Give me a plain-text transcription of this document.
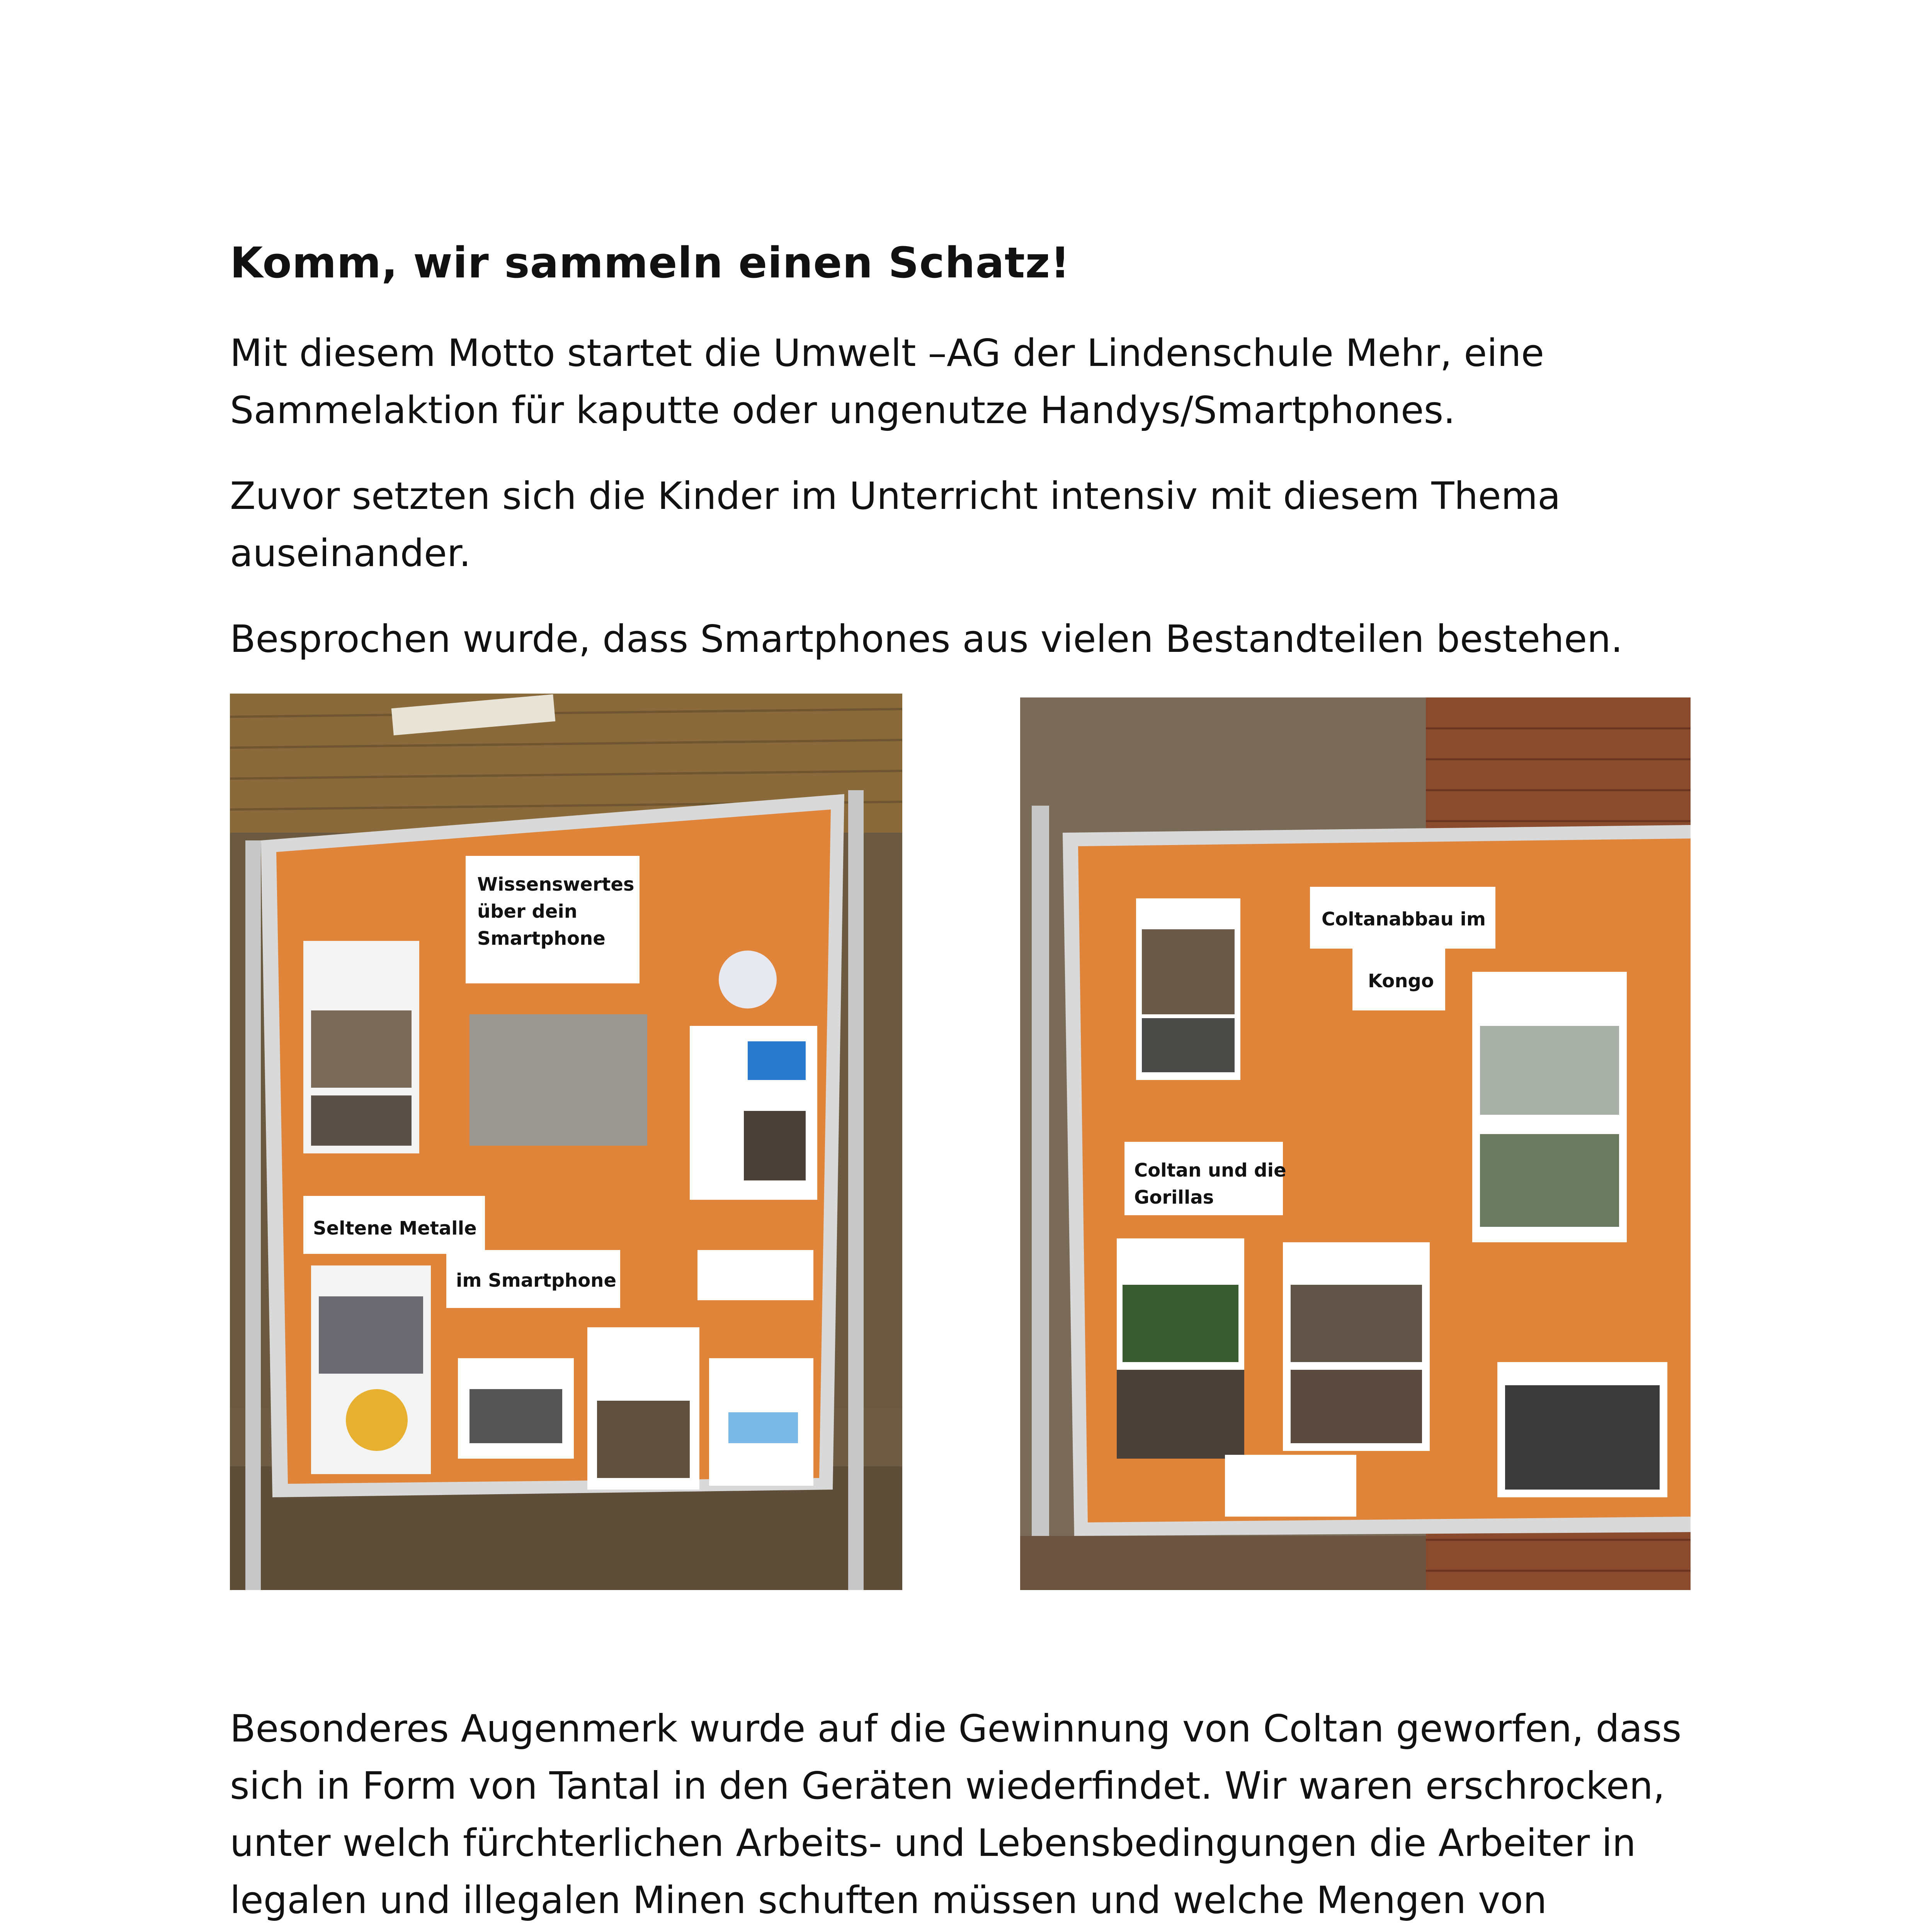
Komm, wir sammeln einen Schatz!

Mit diesem Motto startet die Umwelt –AG der Lindenschule Mehr, eine Sammelaktion für kaputte oder ungenutze Handys/Smartphones.

Zuvor setzten sich die Kinder im Unterricht intensiv mit diesem Thema auseinander.

Besprochen wurde, dass Smartphones aus vielen Bestandteilen bestehen.

Wissenswertes
über dein
Smartphone
Seltene Metalle
im Smartphone
Coltanabbau im
Kongo
Coltan und die
Gorillas

Besonderes Augenmerk wurde auf die Gewinnung von Coltan geworfen, dass sich in Form von Tantal in den Geräten wiederfindet. Wir waren erschrocken, unter welch fürchterlichen Arbeits- und Lebensbedingungen die Arbeiter in legalen und illegalen Minen schuften müssen und welche Mengen von
